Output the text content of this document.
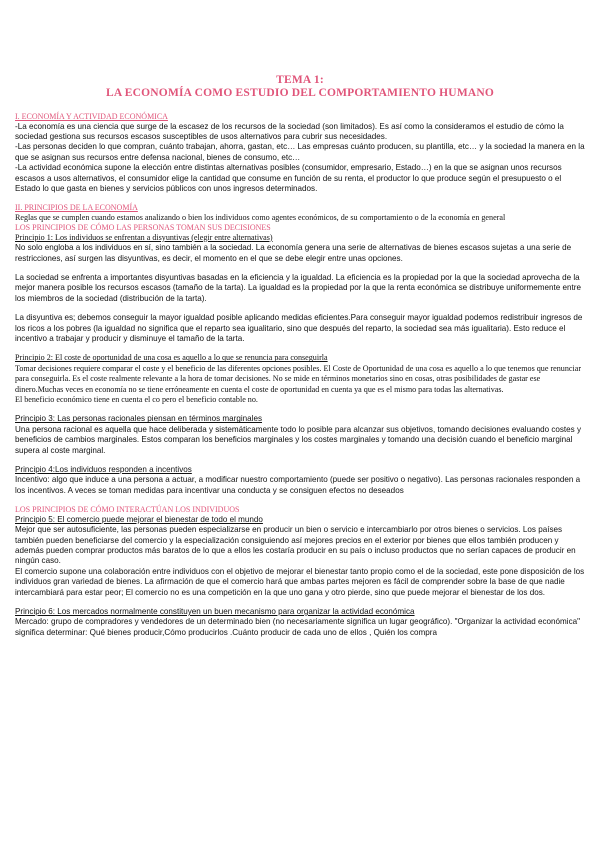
TEMA 1:
LA ECONOMÍA COMO ESTUDIO DEL COMPORTAMIENTO HUMANO

I. ECONOMÍA Y ACTIVIDAD ECONÓMICA

-La economía es una ciencia que surge de la escasez de los recursos de la sociedad (son limitados). Es así como la consideramos el estudio de cómo la sociedad gestiona sus recursos escasos susceptibles de usos alternativos para cubrir sus necesidades.

-Las personas deciden lo que compran, cuánto trabajan, ahorra, gastan, etc… Las empresas cuánto producen, su plantilla, etc… y la sociedad la manera en la que se asignan sus recursos entre defensa nacional, bienes de consumo, etc…

-La actividad económica supone la elección entre distintas alternativas posibles (consumidor, empresario, Estado…) en la que se asignan unos recursos escasos a usos alternativos, el consumidor elige la cantidad que consume en función de su renta, el productor lo que produce según el presupuesto o el Estado lo que gasta en bienes y servicios públicos con unos ingresos determinados.

II. PRINCIPIOS DE LA ECONOMÍA

Reglas que se cumplen cuando estamos analizando o bien los individuos como agentes económicos, de su comportamiento o de la economía en general

LOS PRINCIPIOS DE CÓMO LAS PERSONAS TOMAN SUS DECISIONES

Principio 1: Los individuos se enfrentan a disyuntivas (elegir entre alternativas)

No solo engloba a los individuos en sí, sino también a la sociedad. La economía genera una serie de alternativas de bienes escasos sujetas a una serie de restricciones, así surgen las disyuntivas, es decir, el momento en el que se debe elegir entre unas opciones.

La sociedad se enfrenta a importantes disyuntivas basadas en la eficiencia y la igualdad. La eficiencia es la propiedad por la que la sociedad aprovecha de la mejor manera posible los recursos escasos (tamaño de la tarta). La igualdad es la propiedad por la que la renta económica se distribuye uniformemente entre los miembros de la sociedad (distribución de la tarta).

La disyuntiva es; debemos conseguir la mayor igualdad posible aplicando medidas eficientes.Para conseguir mayor igualdad podemos redistribuir ingresos de los ricos a los pobres (la igualdad no significa que el reparto sea igualitario, sino que después del reparto, la sociedad sea más igualitaria). Esto reduce el incentivo a trabajar y producir y disminuye el tamaño de la tarta.

Principio 2: El coste de oportunidad de una cosa es aquello a lo que se renuncia para conseguirla

Tomar decisiones requiere comparar el coste y el beneficio de las diferentes opciones posibles. El Coste de Oportunidad de una cosa es aquello a lo que tenemos que renunciar para conseguirla. Es el coste realmente relevante a la hora de tomar decisiones. No se mide en términos monetarios sino en cosas, otras posibilidades de gastar ese dinero.Muchas veces en economía no se tiene erróneamente en cuenta el coste de oportunidad en cuenta ya que es el mismo para todas las alternativas.

El beneficio económico tiene en cuenta el co pero el beneficio contable no.

Principio 3: Las personas racionales piensan en términos marginales

Una persona racional es aquella que hace deliberada y sistemáticamente todo lo posible para alcanzar sus objetivos, tomando decisiones evaluando costes y beneficios de cambios marginales. Estos comparan los beneficios marginales y los costes marginales y tomando una decisión cuando el beneficio marginal supera al coste marginal.

Principio 4:Los individuos responden a incentivos

Incentivo: algo que induce a una persona a actuar, a modificar nuestro comportamiento (puede ser positivo o negativo). Las personas racionales responden a los incentivos. A veces se toman medidas para incentivar una conducta y se consiguen efectos no deseados

LOS PRINCIPIOS DE CÓMO INTERACTÚAN LOS INDIVIDUOS

Principio 5: El comercio puede mejorar el bienestar de todo el mundo

Mejor que ser autosuficiente, las personas pueden especializarse en producir un bien o servicio e intercambiarlo por otros bienes o servicios. Los países también pueden beneficiarse del comercio y la especialización consiguiendo así mejores precios en el exterior por bienes que ellos también producen y además pueden comprar productos más baratos de lo que a ellos les costaría producir en su país o incluso productos que no serían capaces de producir en ningún caso.

El comercio supone una colaboración entre individuos con el objetivo de mejorar el bienestar tanto propio como el de la sociedad, este pone disposición de los individuos gran variedad de bienes. La afirmación de que el comercio hará que ambas partes mejoren es fácil de comprender sobre la base de que nadie intercambiará para estar peor; El comercio no es una competición en la que uno gana y otro pierde, sino que puede mejorar el bienestar de los dos.

Principio 6: Los mercados normalmente constituyen un buen mecanismo para organizar la actividad económica

Mercado: grupo de compradores y vendedores de un determinado bien (no necesariamente significa un lugar geográfico). "Organizar la actividad económica" significa determinar: Qué bienes producir,Cómo producirlos .Cuánto producir de cada uno de ellos , Quién los compra
